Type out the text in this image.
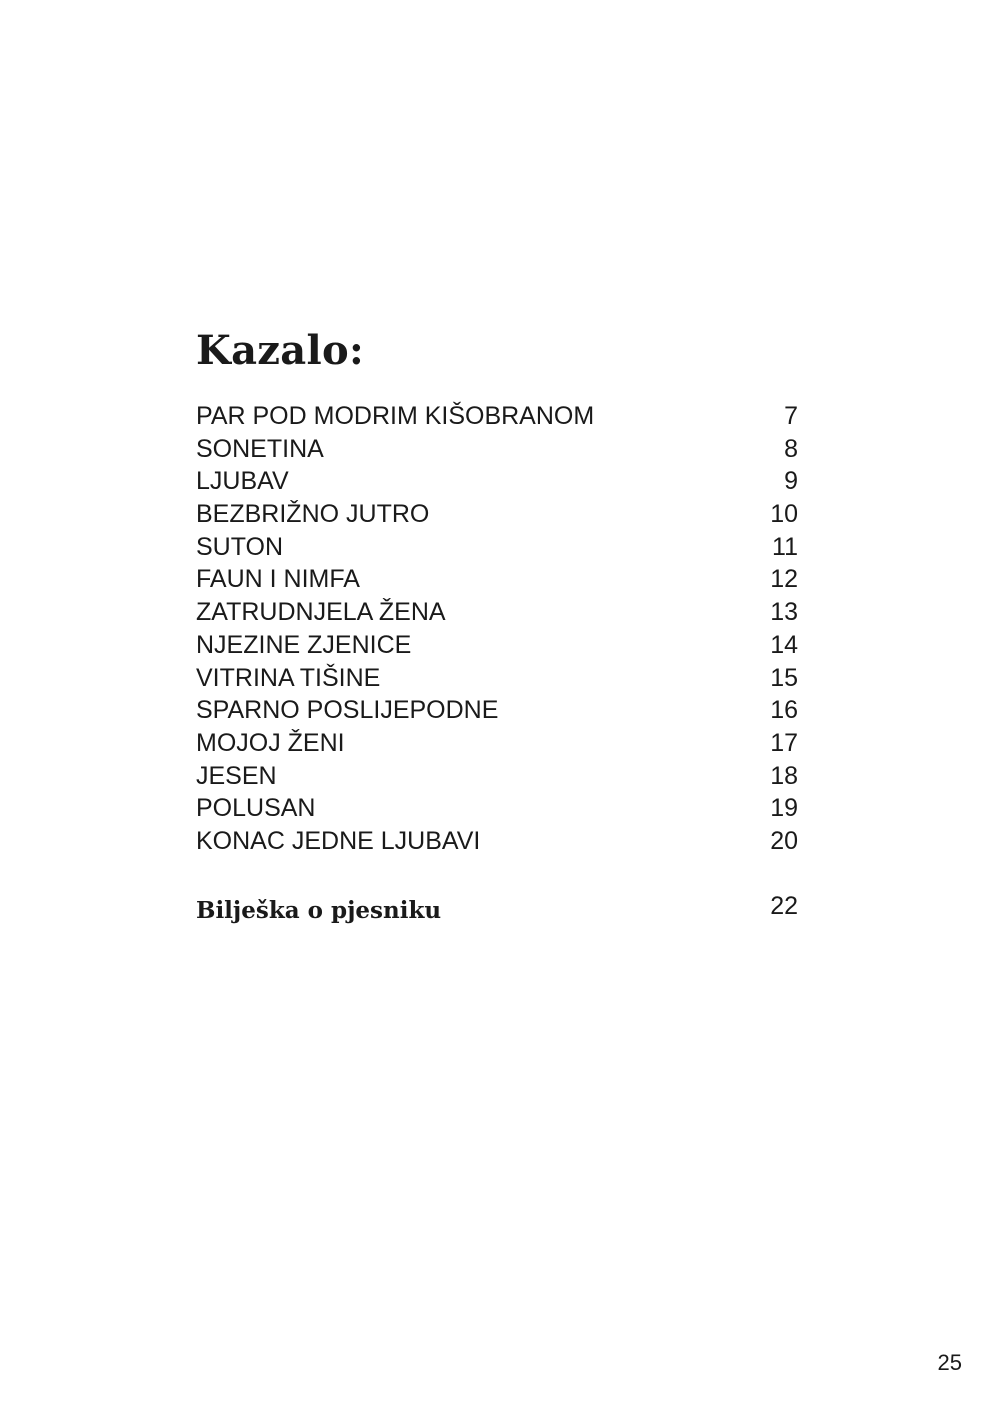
Kazalo:
PAR POD MODRIM KIŠOBRANOM	7
SONETINA	8
LJUBAV	9
BEZBRIŽNO JUTRO	10
SUTON	11
FAUN I NIMFA	12
ZATRUDNJELA ŽENA	13
NJEZINE ZJENICE	14
VITRINA TIŠINE	15
SPARNO POSLIJEPODNE	16
MOJOJ ŽENI	17
JESEN	18
POLUSAN	19
KONAC JEDNE LJUBAVI	20
Bilješka o pjesniku	22
25
